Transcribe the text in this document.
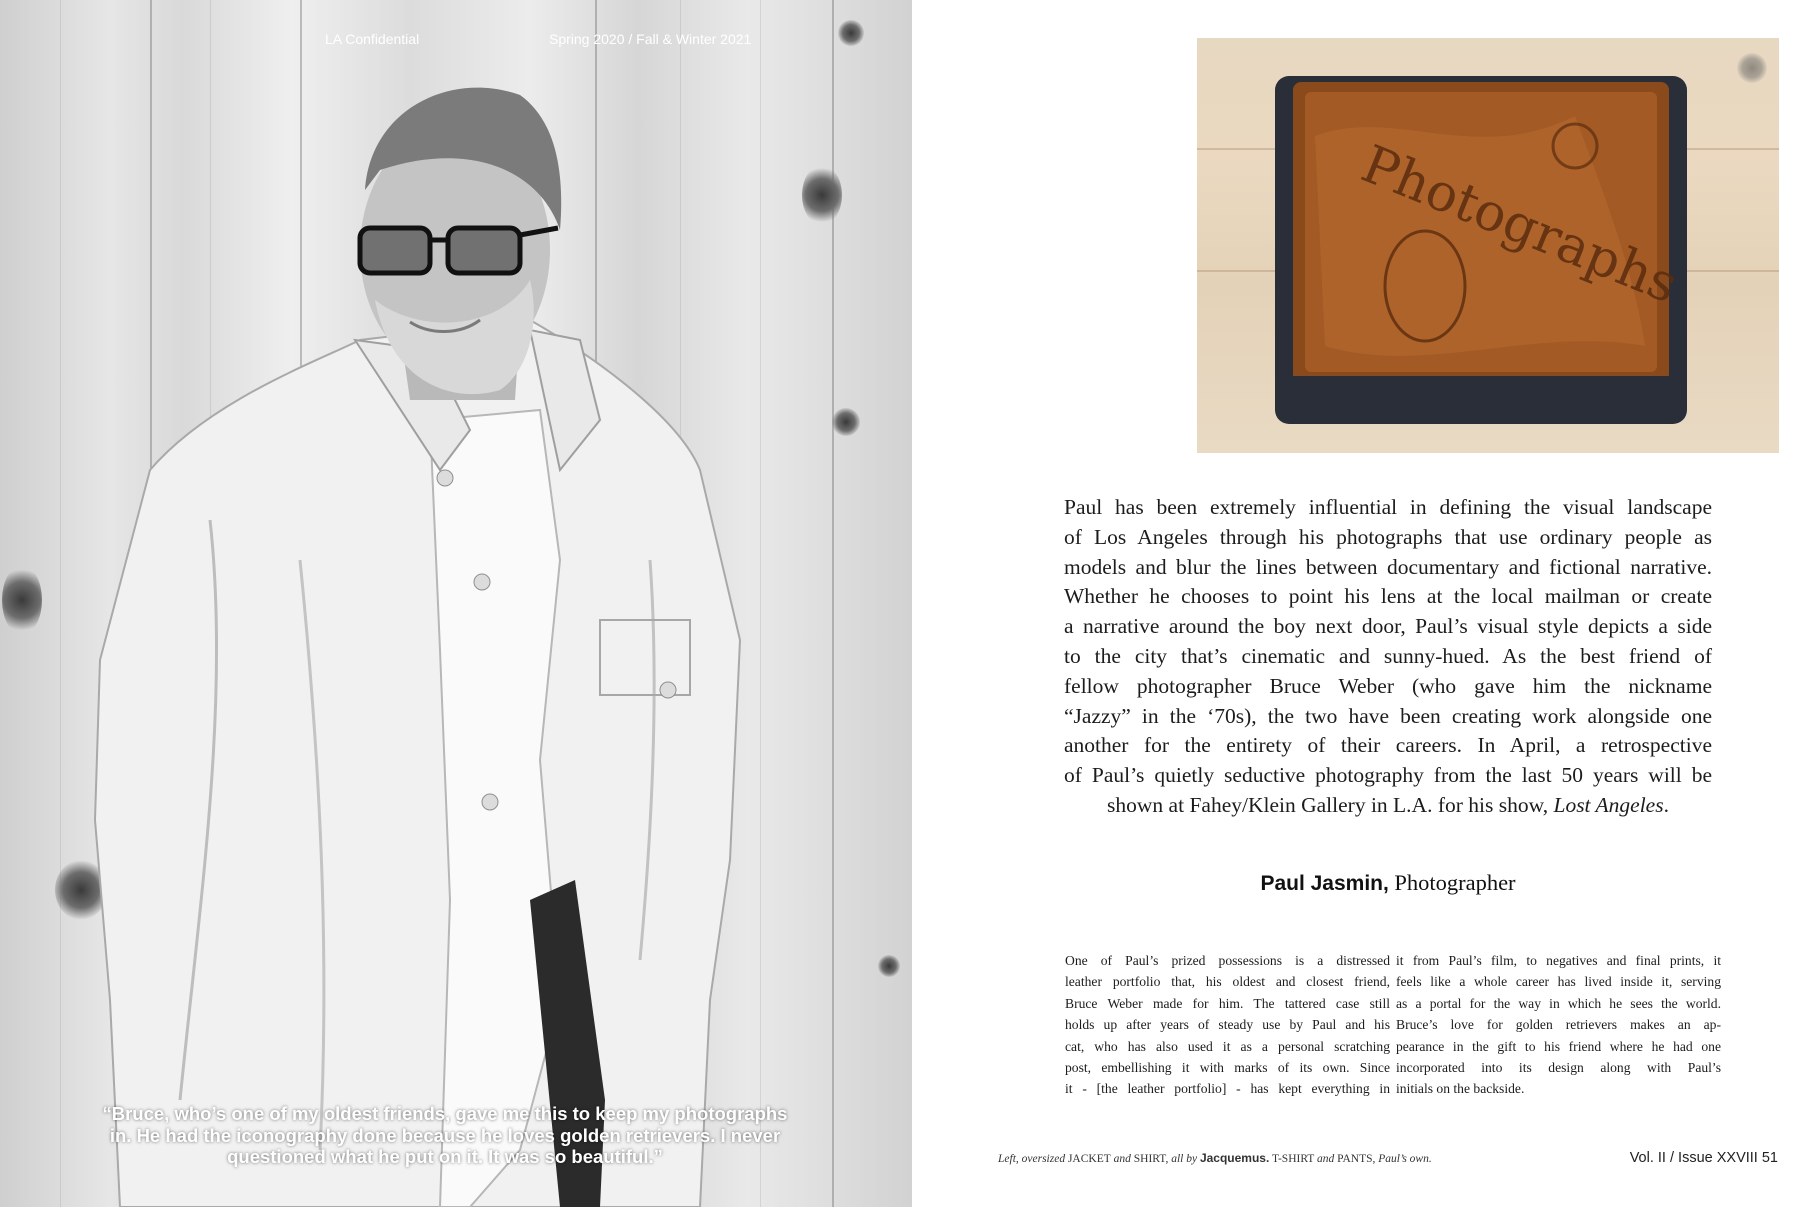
LA Confidential	Spring 2020 / Fall & Winter 2021
“Bruce, who’s one of my oldest friends, gave me this to keep my photographs
in. He had the iconography done because he loves golden retrievers. I never
questioned what he put on it. It was so beautiful.”
Photographs
Paul has been extremely influential in defining the visual landscape
of Los Angeles through his photographs that use ordinary people as
models and blur the lines between documentary and fictional narrative.
Whether he chooses to point his lens at the local mailman or create
a narrative around the boy next door, Paul’s visual style depicts a side
to the city that’s cinematic and sunny-hued. As the best friend of
fellow photographer Bruce Weber (who gave him the nickname
“Jazzy” in the ‘70s), the two have been creating work alongside one
another for the entirety of their careers. In April, a retrospective
of Paul’s quietly seductive photography from the last 50 years will be
shown at Fahey/Klein Gallery in L.A. for his show, Lost Angeles.
Paul Jasmin, Photographer
One of Paul’s prized possessions is a distressed
leather portfolio that, his oldest and closest friend,
Bruce Weber made for him. The tattered case still
holds up after years of steady use by Paul and his
cat, who has also used it as a personal scratching
post, embellishing it with marks of its own. Since
it - [the leather portfolio] - has kept everything in
it from Paul’s film, to negatives and final prints, it
feels like a whole career has lived inside it, serving
as a portal for the way in which he sees the world.
Bruce’s love for golden retrievers makes an ap-
pearance in the gift to his friend where he had one
incorporated into its design along with Paul’s
initials on the backside.
Left, oversized JACKET and SHIRT, all by Jacquemus. T-SHIRT and PANTS, Paul’s own.	Vol. II / Issue XXVIII 51
